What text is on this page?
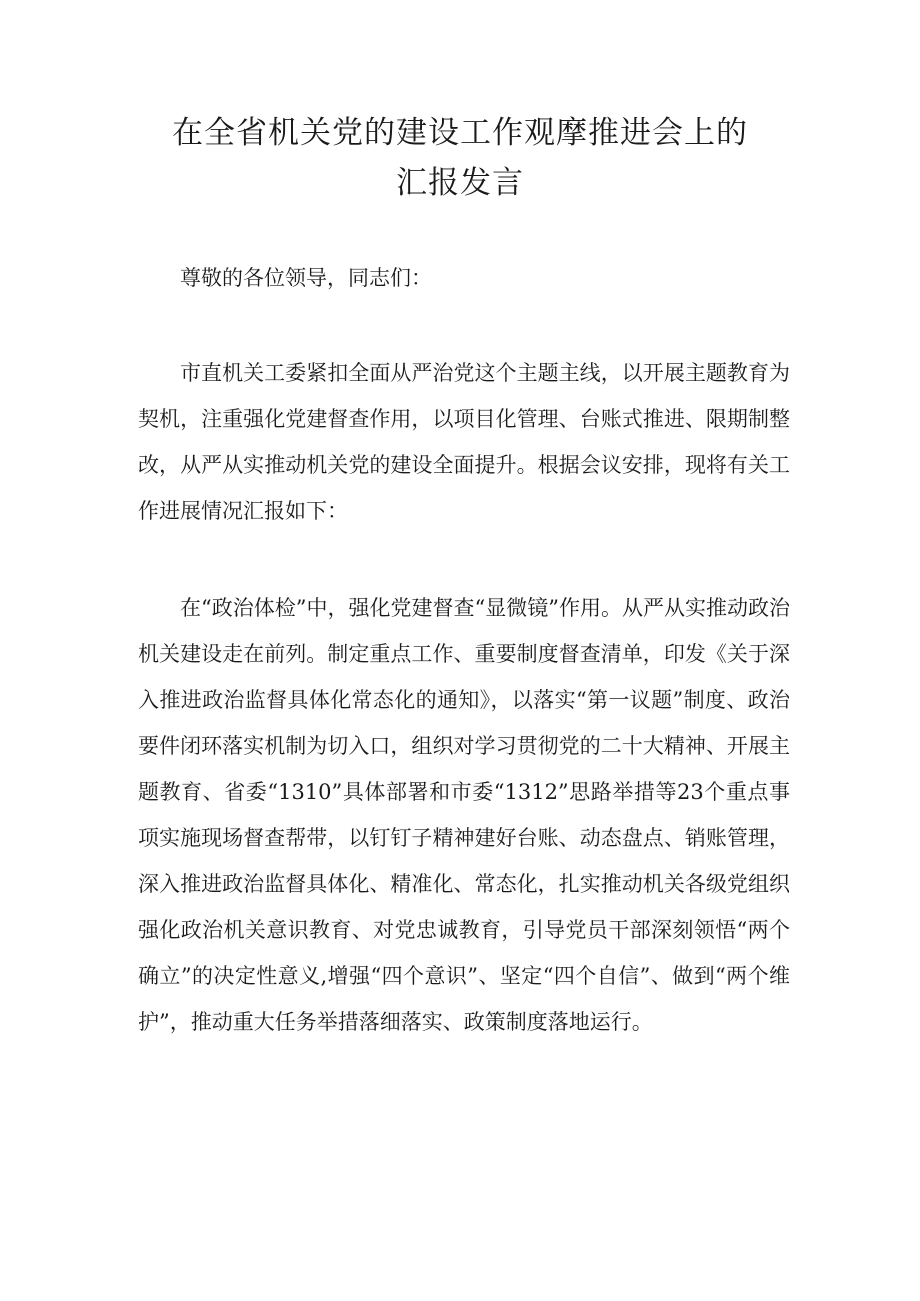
在全省机关党的建设工作观摩推进会上的
汇报发言

尊敬的各位领导，同志们：

市直机关工委紧扣全面从严治党这个主题主线，以开展主题教育为契机，注重强化党建督查作用，以项目化管理、台账式推进、限期制整改，从严从实推动机关党的建设全面提升。根据会议安排，现将有关工作进展情况汇报如下：

在“政治体检”中，强化党建督查“显微镜”作用。从严从实推动政治机关建设走在前列。制定重点工作、重要制度督查清单，印发《关于深入推进政治监督具体化常态化的通知》，以落实“第一议题”制度、政治要件闭环落实机制为切入口，组织对学习贯彻党的二十大精神、开展主题教育、省委“1310”具体部署和市委“1312”思路举措等23个重点事项实施现场督查帮带，以钉钉子精神建好台账、动态盘点、销账管理，深入推进政治监督具体化、精准化、常态化，扎实推动机关各级党组织强化政治机关意识教育、对党忠诚教育，引导党员干部深刻领悟“两个确立”的决定性意义,增强“四个意识”、坚定“四个自信”、做到“两个维护”，推动重大任务举措落细落实、政策制度落地运行。
